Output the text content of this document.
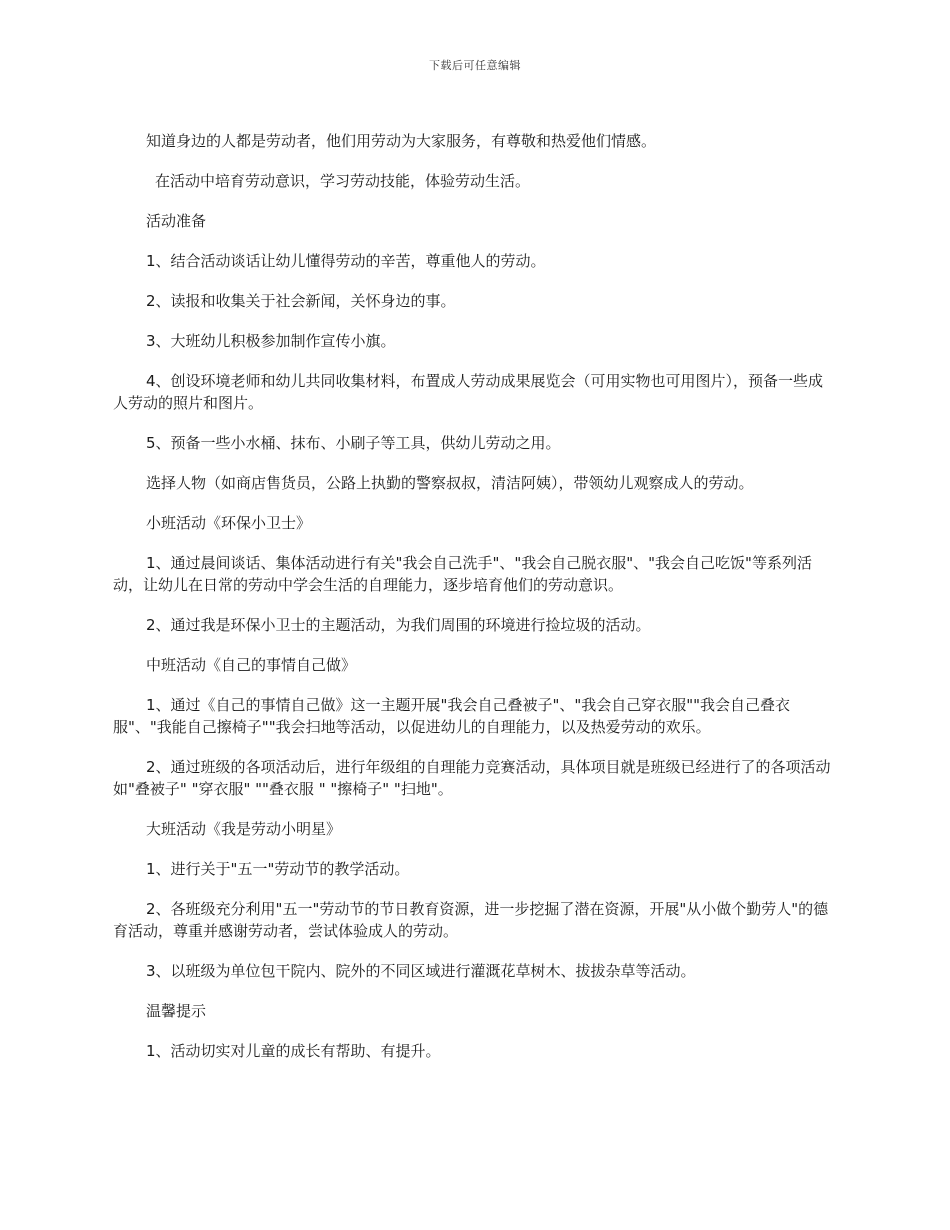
下载后可任意编辑

知道身边的人都是劳动者，他们用劳动为大家服务，有尊敬和热爱他们情感。

在活动中培育劳动意识，学习劳动技能，体验劳动生活。

活动准备

1、结合活动谈话让幼儿懂得劳动的辛苦，尊重他人的劳动。

2、读报和收集关于社会新闻，关怀身边的事。

3、大班幼儿积极参加制作宣传小旗。

4、创设环境老师和幼儿共同收集材料，布置成人劳动成果展览会（可用实物也可用图片），预备一些成人劳动的照片和图片。

5、预备一些小水桶、抹布、小刷子等工具，供幼儿劳动之用。

选择人物（如商店售货员，公路上执勤的警察叔叔，清洁阿姨），带领幼儿观察成人的劳动。

小班活动《环保小卫士》

1、通过晨间谈话、集体活动进行有关"我会自己洗手"、"我会自己脱衣服"、"我会自己吃饭"等系列活动，让幼儿在日常的劳动中学会生活的自理能力，逐步培育他们的劳动意识。

2、通过我是环保小卫士的主题活动，为我们周围的环境进行捡垃圾的活动。

中班活动《自己的事情自己做》

1、通过《自己的事情自己做》这一主题开展"我会自己叠被子"、"我会自己穿衣服""我会自己叠衣服"、"我能自己擦椅子""我会扫地等活动，以促进幼儿的自理能力，以及热爱劳动的欢乐。

2、通过班级的各项活动后，进行年级组的自理能力竞赛活动，具体项目就是班级已经进行了的各项活动如"叠被子" "穿衣服" ""叠衣服 " "擦椅子" "扫地"。

大班活动《我是劳动小明星》

1、进行关于"五一"劳动节的教学活动。

2、各班级充分利用"五一"劳动节的节日教育资源，进一步挖掘了潜在资源，开展"从小做个勤劳人"的德育活动，尊重并感谢劳动者，尝试体验成人的劳动。

3、以班级为单位包干院内、院外的不同区域进行灌溉花草树木、拔拔杂草等活动。

温馨提示

1、活动切实对儿童的成长有帮助、有提升。
